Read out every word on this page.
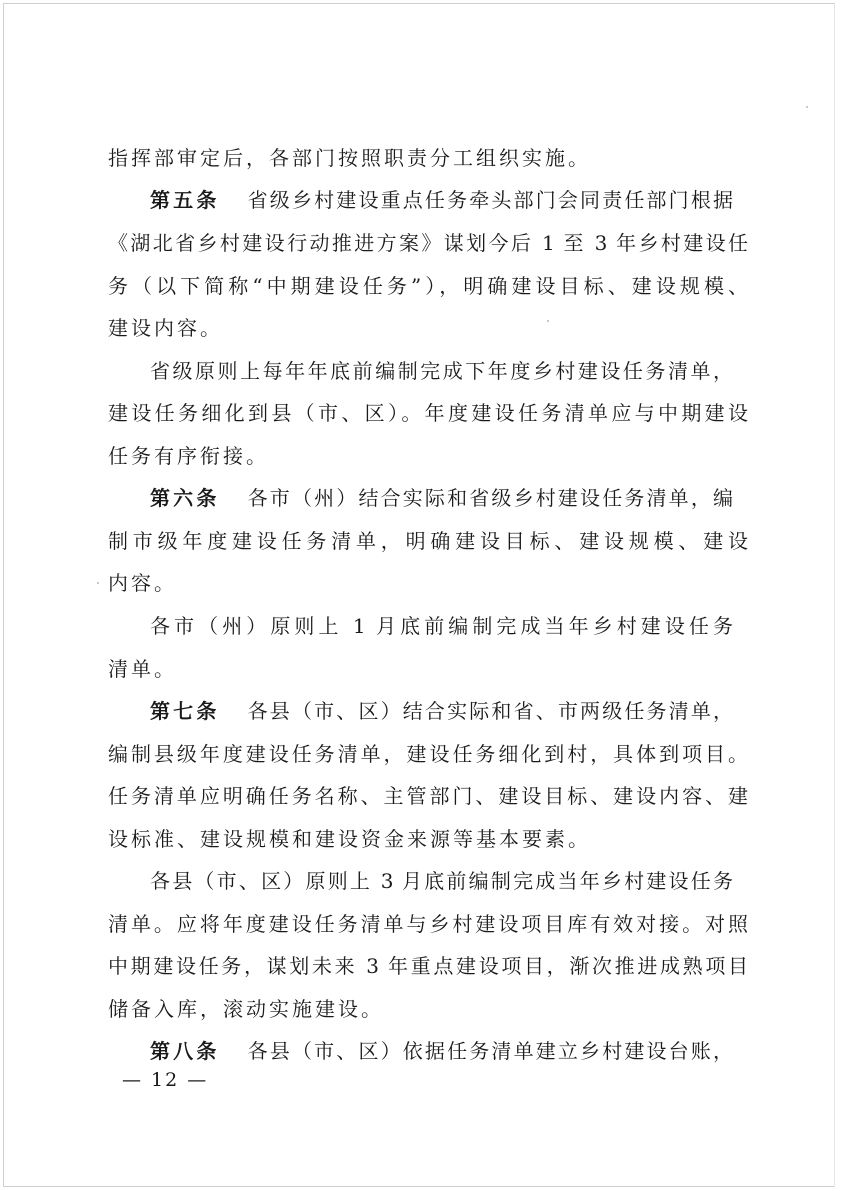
指挥部审定后，各部门按照职责分工组织实施。
第五条 省级乡村建设重点任务牵头部门会同责任部门根据
《湖北省乡村建设行动推进方案》谋划今后 1 至 3 年乡村建设任
务（以下简称“中期建设任务”），明确建设目标、建设规模、
建设内容。
省级原则上每年年底前编制完成下年度乡村建设任务清单，
建设任务细化到县（市、区）。年度建设任务清单应与中期建设
任务有序衔接。
第六条 各市（州）结合实际和省级乡村建设任务清单，编
制市级年度建设任务清单，明确建设目标、建设规模、建设
内容。
各市（州）原则上 1 月底前编制完成当年乡村建设任务
清单。
第七条 各县（市、区）结合实际和省、市两级任务清单，
编制县级年度建设任务清单，建设任务细化到村，具体到项目。
任务清单应明确任务名称、主管部门、建设目标、建设内容、建
设标准、建设规模和建设资金来源等基本要素。
各县（市、区）原则上 3 月底前编制完成当年乡村建设任务
清单。应将年度建设任务清单与乡村建设项目库有效对接。对照
中期建设任务，谋划未来 3 年重点建设项目，渐次推进成熟项目
储备入库，滚动实施建设。
第八条 各县（市、区）依据任务清单建立乡村建设台账，
— 12 —
